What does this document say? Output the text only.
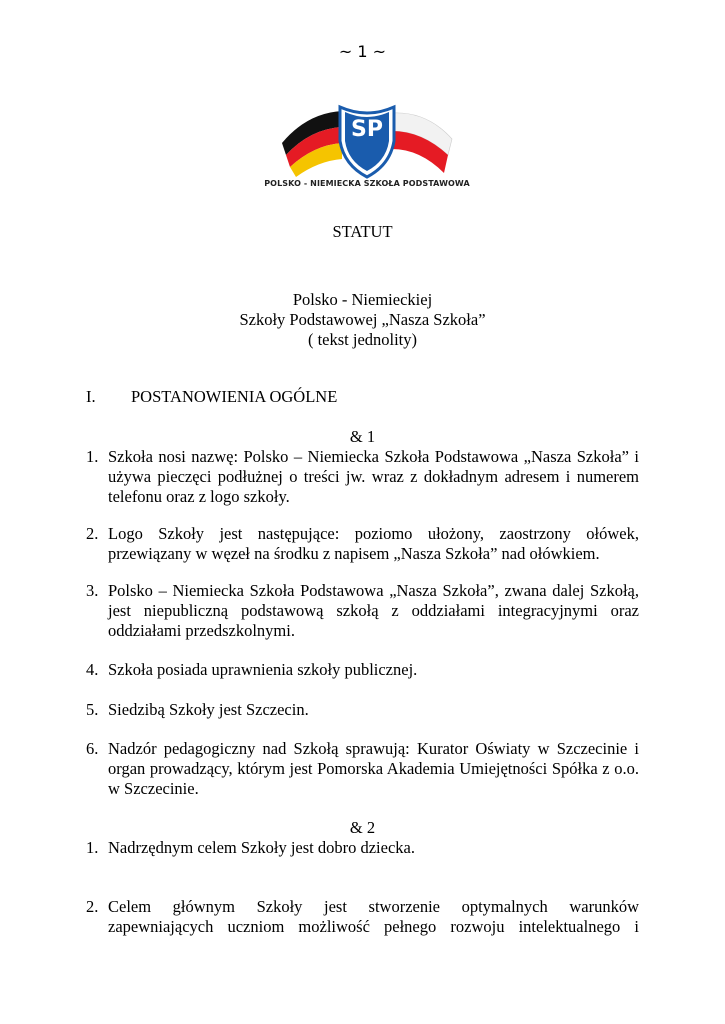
~ 1 ~
SP
POLSKO - NIEMIECKA SZKOŁA PODSTAWOWA
STATUT
Polsko - Niemieckiej
Szkoły Podstawowej „Nasza Szkoła”
( tekst jednolity)
I. POSTANOWIENIA OGÓLNE
& 1
1. Szkoła nosi nazwę: Polsko – Niemiecka Szkoła Podstawowa „Nasza Szkoła” i używa pieczęci podłużnej o treści jw. wraz z dokładnym adresem i numerem telefonu oraz z logo szkoły.
2. Logo Szkoły jest następujące: poziomo ułożony, zaostrzony ołówek, przewiązany w węzeł na środku z napisem „Nasza Szkoła” nad ołówkiem.
3. Polsko – Niemiecka Szkoła Podstawowa „Nasza Szkoła”, zwana dalej Szkołą, jest niepubliczną podstawową szkołą z oddziałami integracyjnymi oraz oddziałami przedszkolnymi.
4. Szkoła posiada uprawnienia szkoły publicznej.
5. Siedzibą Szkoły jest Szczecin.
6. Nadzór pedagogiczny nad Szkołą sprawują: Kurator Oświaty w Szczecinie i organ prowadzący, którym jest Pomorska Akademia Umiejętności Spółka z o.o. w Szczecinie.
& 2
1. Nadrzędnym celem Szkoły jest dobro dziecka.
2. Celem głównym Szkoły jest stworzenie optymalnych warunków zapewniających uczniom możliwość pełnego rozwoju intelektualnego i
